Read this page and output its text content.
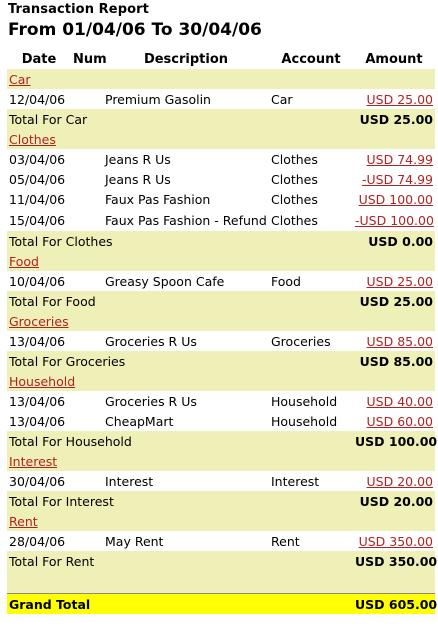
Transaction Report
From 01/04/06 To 30/04/06
Date	Num	Description	Account	Amount
Car				
12/04/06		Premium Gasolin	Car	USD 25.00
Total For Car				USD 25.00
Clothes				
03/04/06		Jeans R Us	Clothes	USD 74.99
05/04/06		Jeans R Us	Clothes	-USD 74.99
11/04/06		Faux Pas Fashion	Clothes	USD 100.00
15/04/06		Faux Pas Fashion - Refund	Clothes	-USD 100.00
Total For Clothes				USD 0.00
Food				
10/04/06		Greasy Spoon Cafe	Food	USD 25.00
Total For Food				USD 25.00
Groceries				
13/04/06		Groceries R Us	Groceries	USD 85.00
Total For Groceries				USD 85.00
Household				
13/04/06		Groceries R Us	Household	USD 40.00
13/04/06		CheapMart	Household	USD 60.00
Total For Household				USD 100.00
Interest				
30/04/06		Interest	Interest	USD 20.00
Total For Interest				USD 20.00
Rent				
28/04/06		May Rent	Rent	USD 350.00
Total For Rent				USD 350.00

Grand Total				USD 605.00
